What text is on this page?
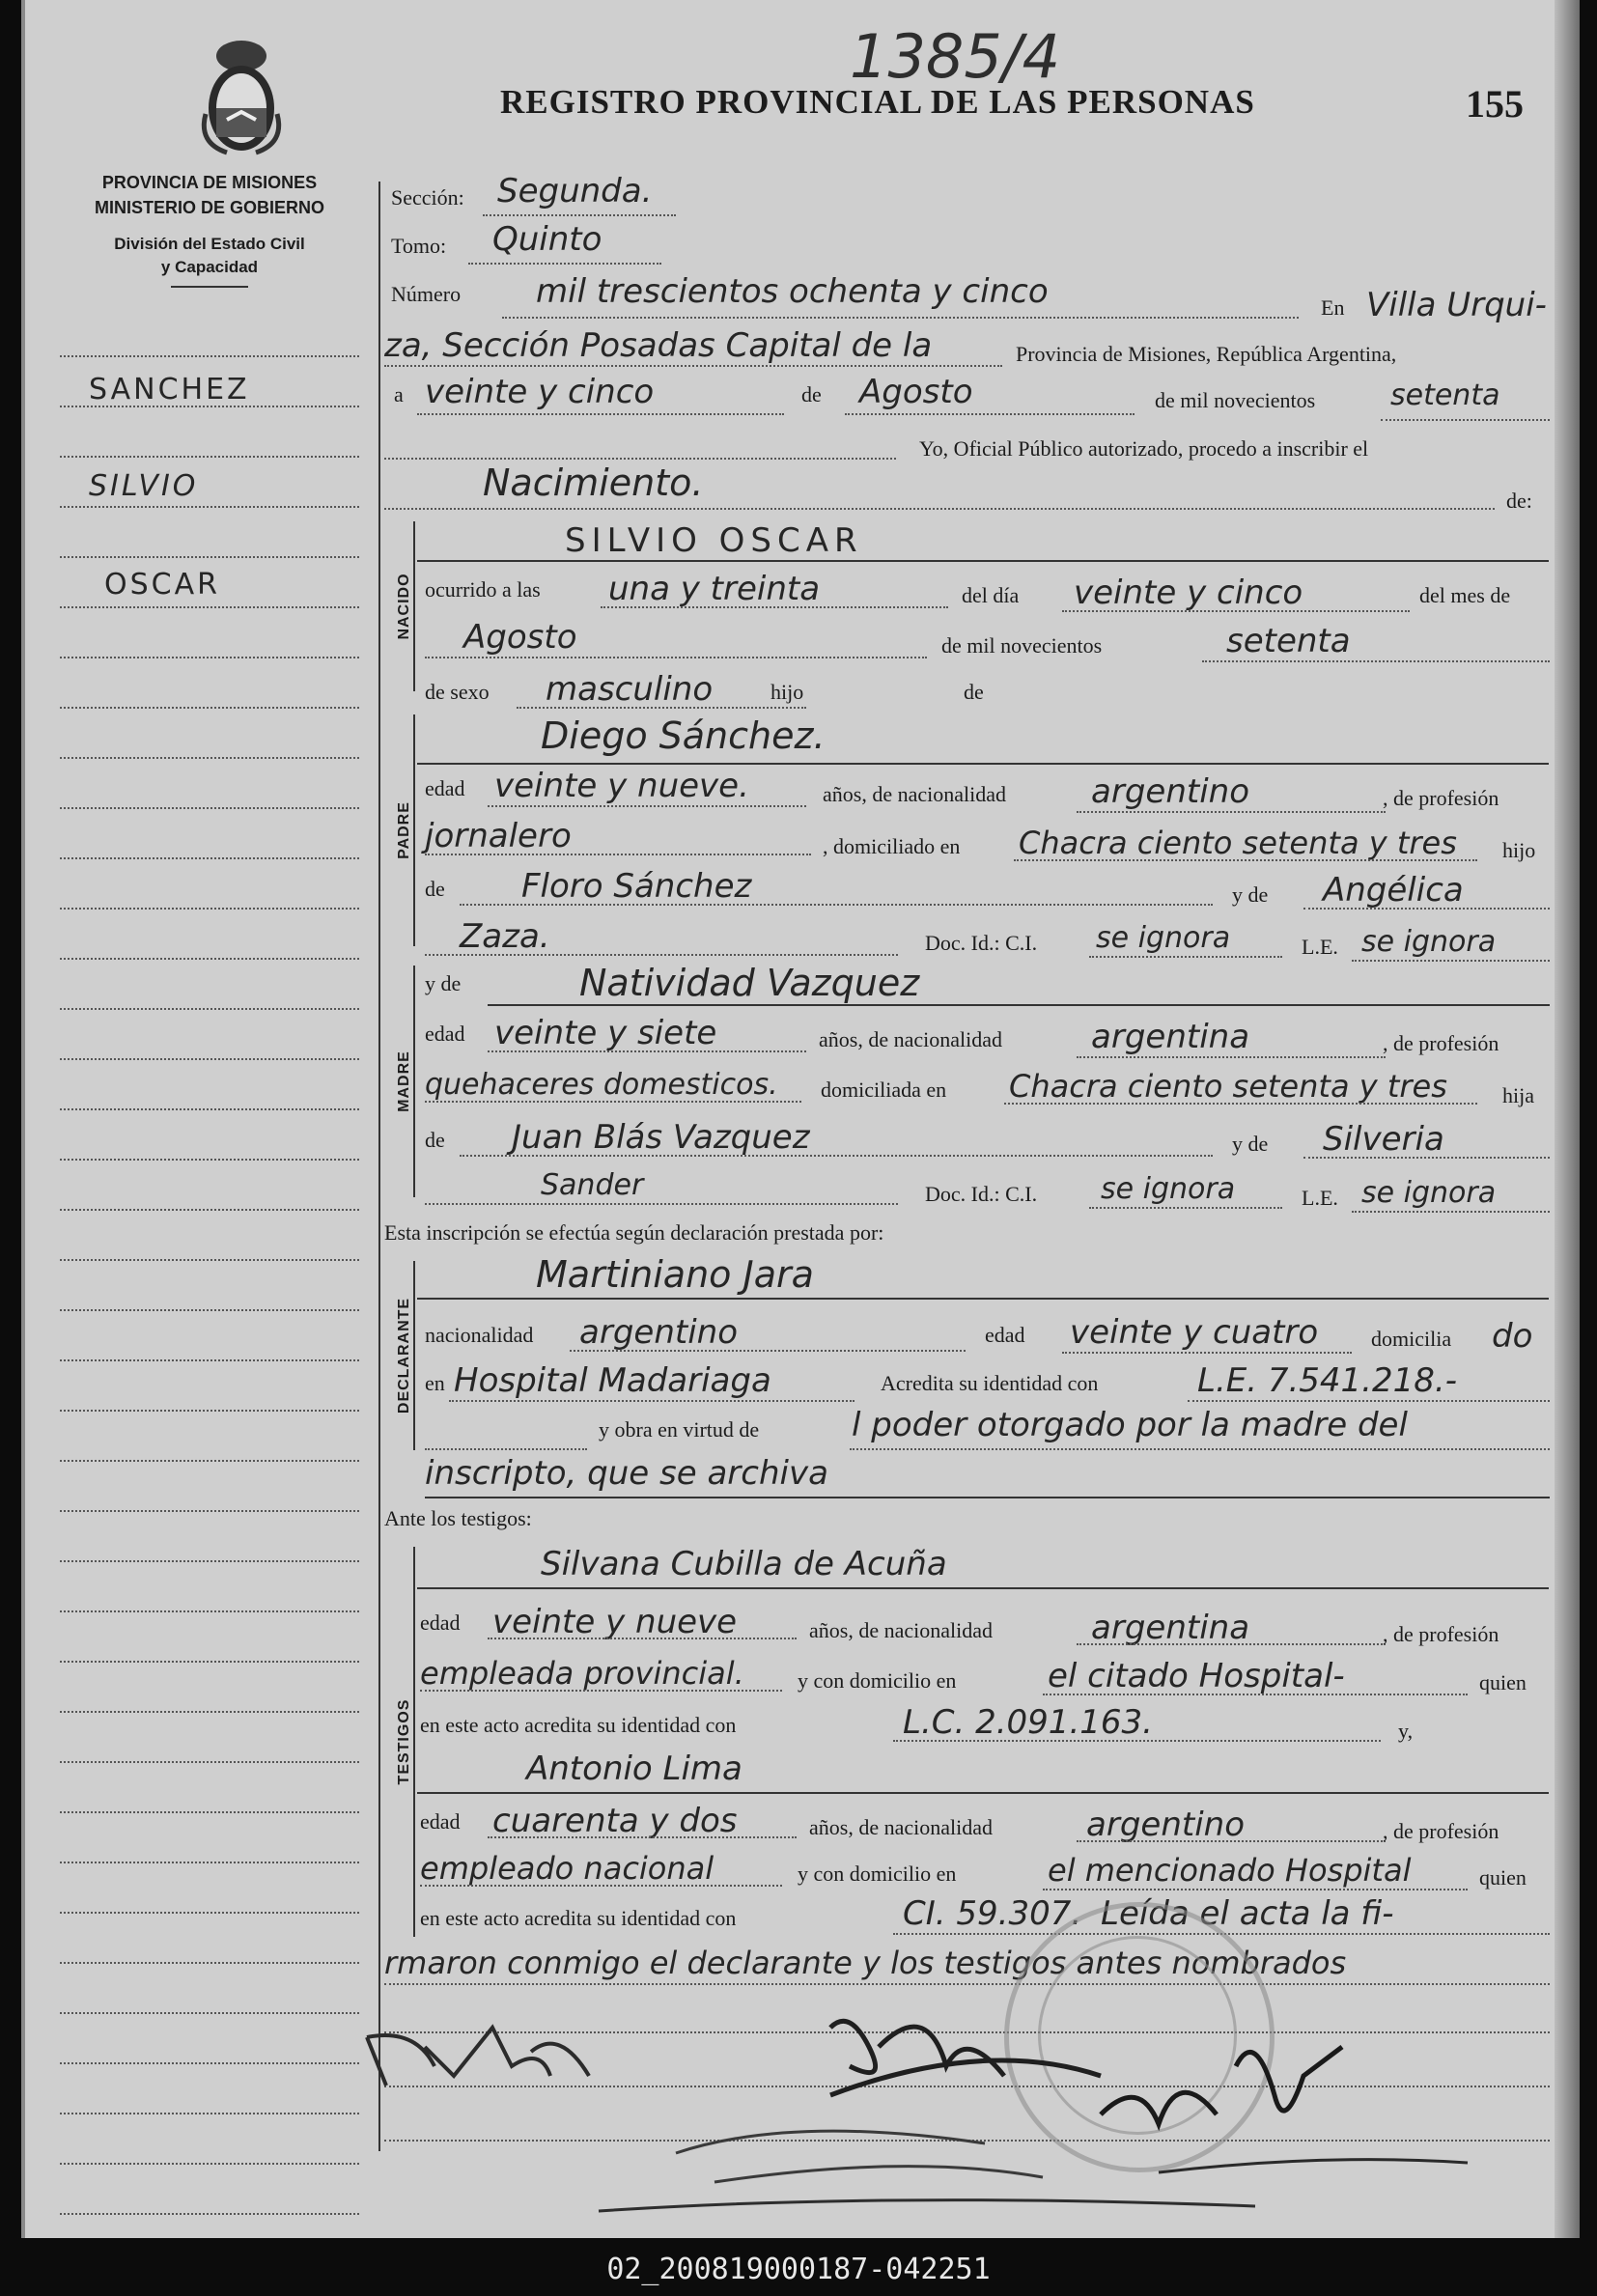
1385/4
REGISTRO PROVINCIAL DE LAS PERSONAS	155
PROVINCIA DE MISIONES
MINISTERIO DE GOBIERNO
División del Estado Civil
y Capacidad
SANCHEZ
SILVIO
OSCAR
Sección: Segunda.
Tomo: Quinto
Número mil trescientos ochenta y cinco	En Villa Urqui-
za, Sección Posadas Capital de la	Provincia de Misiones, República Argentina,
a veinte y cinco	de Agosto	de mil novecientos	setenta
Yo, Oficial Público autorizado, procedo a inscribir el
Nacimiento.	de:
SILVIO OSCAR
NACIDO ocurrido a las una y treinta	del día veinte y cinco	del mes de
Agosto	de mil novecientos	setenta
de sexo masculino	hijo	de
PADRE
Diego Sánchez.
edad veinte y nueve.	años, de nacionalidad	argentino	, de profesión
jornalero	, domiciliado en Chacra ciento setenta y tres hijo
de Floro Sánchez	y de Angélica
Zaza.	Doc. Id.: C.I. se ignora	L.E. se ignora
MADRE
y de	Natividad Vazquez
edad veinte y siete	años, de nacionalidad	argentina	, de profesión
quehaceres domesticos. domiciliada en Chacra ciento setenta y tres	hija
de Juan Blás Vazquez	y de Silveria
Sander	Doc. Id.: C.I. se ignora	L.E. se ignora
Esta inscripción se efectúa según declaración prestada por:
DECLARANTE
Martiniano Jara
nacionalidad argentino	edad veinte y cuatro domicilia do
en Hospital Madariaga	Acredita su identidad con	L.E. 7.541.218.-
y obra en virtud de	l poder otorgado por la madre del
inscripto, que se archiva
Ante los testigos:
TESTIGOS
Silvana Cubilla de Acuña
edad veinte y nueve	años, de nacionalidad	argentina	, de profesión
empleada provincial.	y con domicilio en	el citado Hospital-	quien
en este acto acredita su identidad con	L.C. 2.091.163.	y,
Antonio Lima
edad cuarenta y dos	años, de nacionalidad	argentino	, de profesión
empleado nacional	y con domicilio en	el mencionado Hospital	quien
en este acto acredita su identidad con	CI. 59.307. Leída el acta la fi-
rmaron conmigo el declarante y los testigos antes nombrados
02_200819000187-042251
